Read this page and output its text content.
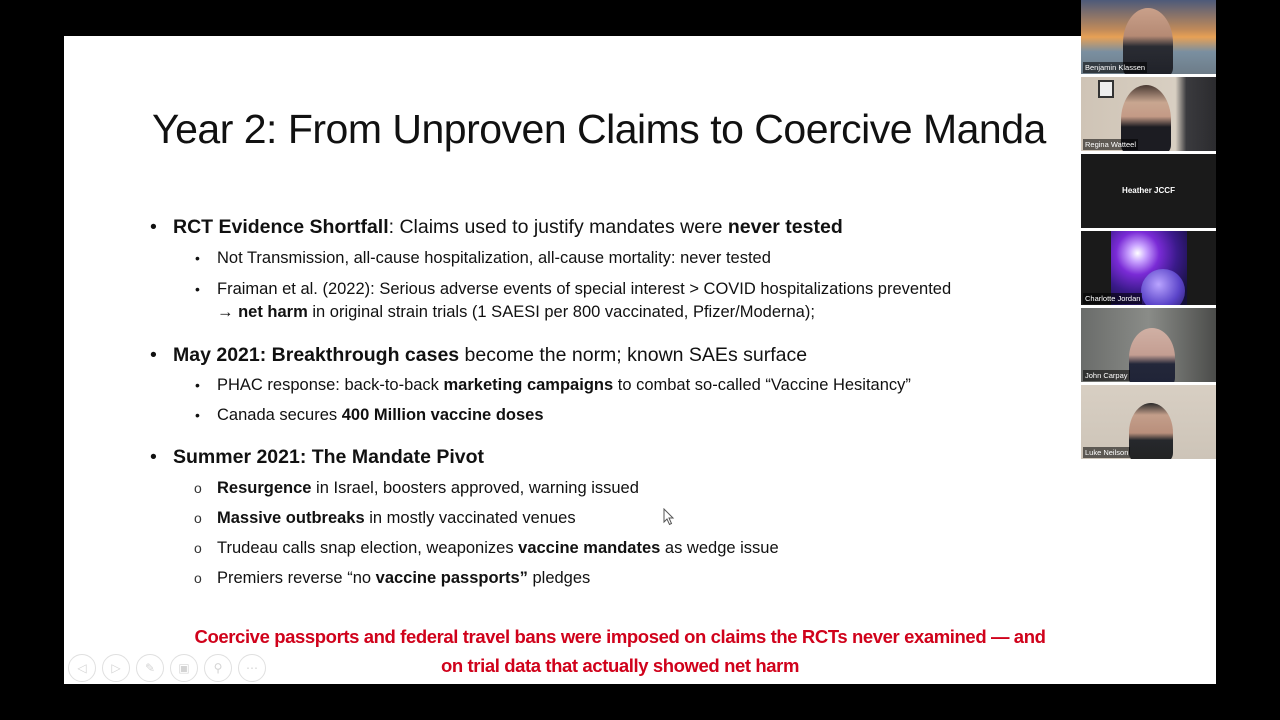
Year 2: From Unproven Claims to Coercive Manda
• RCT Evidence Shortfall: Claims used to justify mandates were never tested
• Not Transmission, all-cause hospitalization, all-cause mortality: never tested
• Fraiman et al. (2022): Serious adverse events of special interest > COVID hospitalizations prevented
→ net harm in original strain trials (1 SAESI per 800 vaccinated, Pfizer/Moderna);
• May 2021: Breakthrough cases become the norm; known SAEs surface
• PHAC response: back-to-back marketing campaigns to combat so-called “Vaccine Hesitancy”
• Canada secures 400 Million vaccine doses
• Summer 2021: The Mandate Pivot
o Resurgence in Israel, boosters approved, warning issued
o Massive outbreaks in mostly vaccinated venues
o Trudeau calls snap election, weaponizes vaccine mandates as wedge issue
o Premiers reverse “no vaccine passports” pledges
Coercive passports and federal travel bans were imposed on claims the RCTs never examined — and
on trial data that actually showed net harm
◁ ▷ ✎ ▣ ⚲ ⋯
Benjamin Klassen
Regina Watteel
Heather JCCF
Charlotte Jordan
John Carpay
Luke Neilson
